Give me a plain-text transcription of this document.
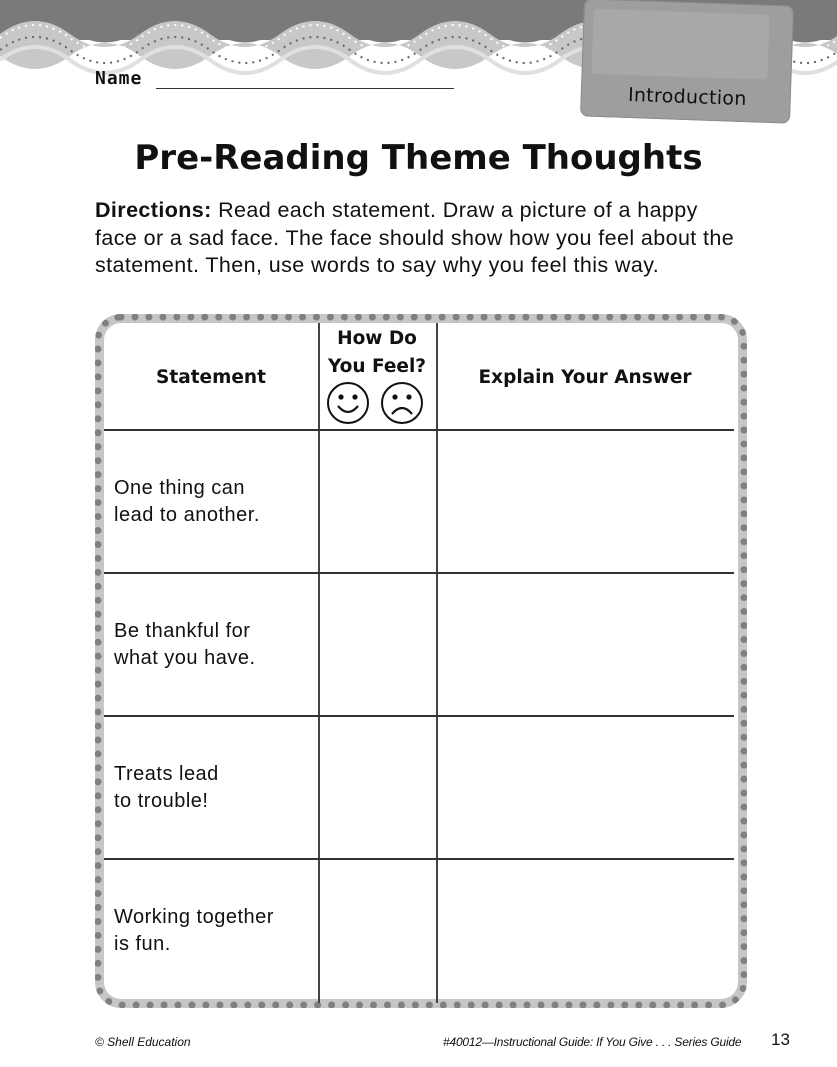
Introduction
Name
Pre-Reading Theme Thoughts
Directions: Read each statement. Draw a picture of a happy face or a sad face. The face should show how you feel about the statement. Then, use words to say why you feel this way.
Statement
How Do
You Feel?
Explain Your Answer
One thing can
lead to another.
Be thankful for
what you have.
Treats lead
to trouble!
Working together
is fun.
© Shell Education	#40012—Instructional Guide: If You Give . . . Series Guide 13
